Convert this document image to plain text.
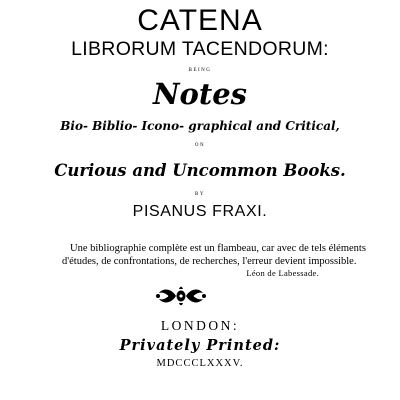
CATENA
LIBRORUM TACENDORUM:
BEING
Notes
Bio- Biblio- Icono- graphical and Critical,
ON
Curious and Uncommon Books.
BY
PISANUS FRAXI.
Une bibliographie complète est un flambeau, car avec de tels éléments
d'études, de confrontations, de recherches, l'erreur devient impossible.
Léon de Labessade.
LONDON:
Privately Printed:
MDCCCLXXXV.
